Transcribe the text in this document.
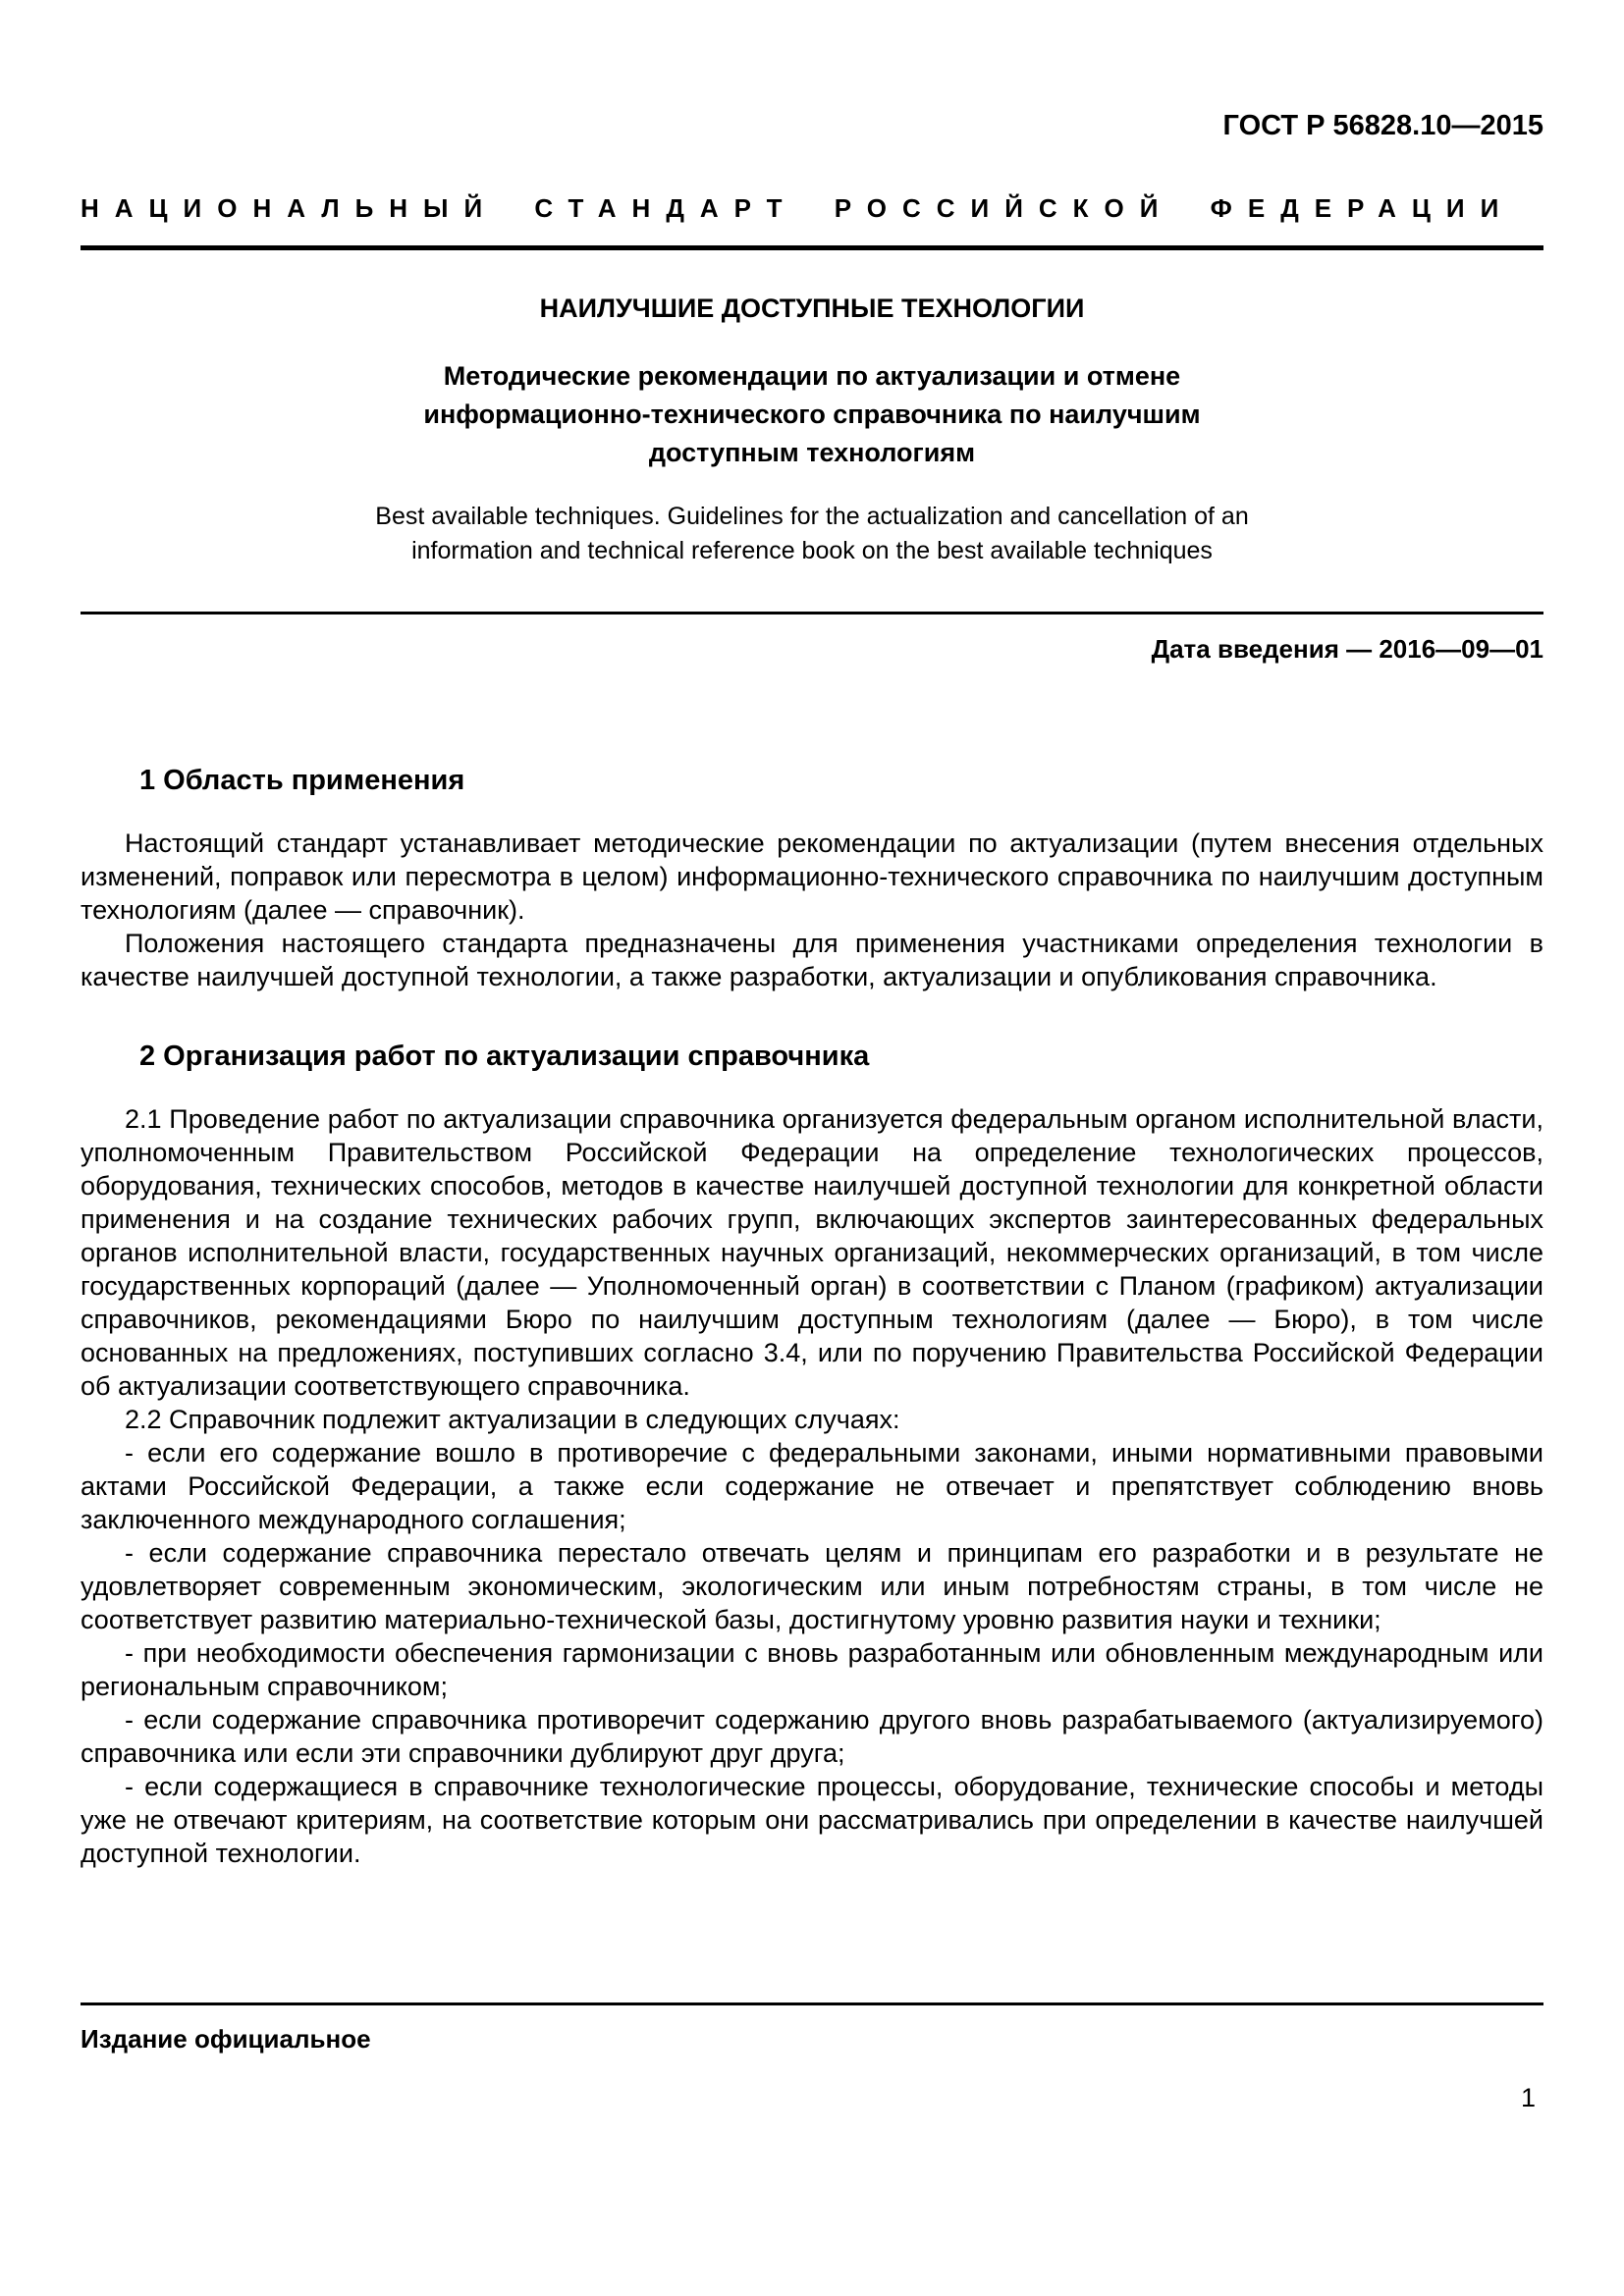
ГОСТ Р 56828.10—2015
НАЦИОНАЛЬНЫЙ СТАНДАРТ РОССИЙСКОЙ ФЕДЕРАЦИИ
НАИЛУЧШИЕ ДОСТУПНЫЕ ТЕХНОЛОГИИ
Методические рекомендации по актуализации и отмене информационно-технического справочника по наилучшим доступным технологиям
Best available techniques. Guidelines for the actualization and cancellation of an information and technical reference book on the best available techniques
Дата введения — 2016—09—01
1 Область применения

Настоящий стандарт устанавливает методические рекомендации по актуализации (путем внесения отдельных изменений, поправок или пересмотра в целом) информационно-технического справочника по наилучшим доступным технологиям (далее — справочник).

Положения настоящего стандарта предназначены для применения участниками определения технологии в качестве наилучшей доступной технологии, а также разработки, актуализации и опубликования справочника.

2 Организация работ по актуализации справочника

2.1 Проведение работ по актуализации справочника организуется федеральным органом исполнительной власти, уполномоченным Правительством Российской Федерации на определение технологических процессов, оборудования, технических способов, методов в качестве наилучшей доступной технологии для конкретной области применения и на создание технических рабочих групп, включающих экспертов заинтересованных федеральных органов исполнительной власти, государственных научных организаций, некоммерческих организаций, в том числе государственных корпораций (далее — Уполномоченный орган) в соответствии с Планом (графиком) актуализации справочников, рекомендациями Бюро по наилучшим доступным технологиям (далее — Бюро), в том числе основанных на предложениях, поступивших согласно 3.4, или по поручению Правительства Российской Федерации об актуализации соответствующего справочника.

2.2 Справочник подлежит актуализации в следующих случаях:

- если его содержание вошло в противоречие с федеральными законами, иными нормативными правовыми актами Российской Федерации, а также если содержание не отвечает и препятствует соблюдению вновь заключенного международного соглашения;

- если содержание справочника перестало отвечать целям и принципам его разработки и в результате не удовлетворяет современным экономическим, экологическим или иным потребностям страны, в том числе не соответствует развитию материально-технической базы, достигнутому уровню развития науки и техники;

- при необходимости обеспечения гармонизации с вновь разработанным или обновленным международным или региональным справочником;

- если содержание справочника противоречит содержанию другого вновь разрабатываемого (актуализируемого) справочника или если эти справочники дублируют друг друга;

- если содержащиеся в справочнике технологические процессы, оборудование, технические способы и методы уже не отвечают критериям, на соответствие которым они рассматривались при определении в качестве наилучшей доступной технологии.

Издание официальное
1
